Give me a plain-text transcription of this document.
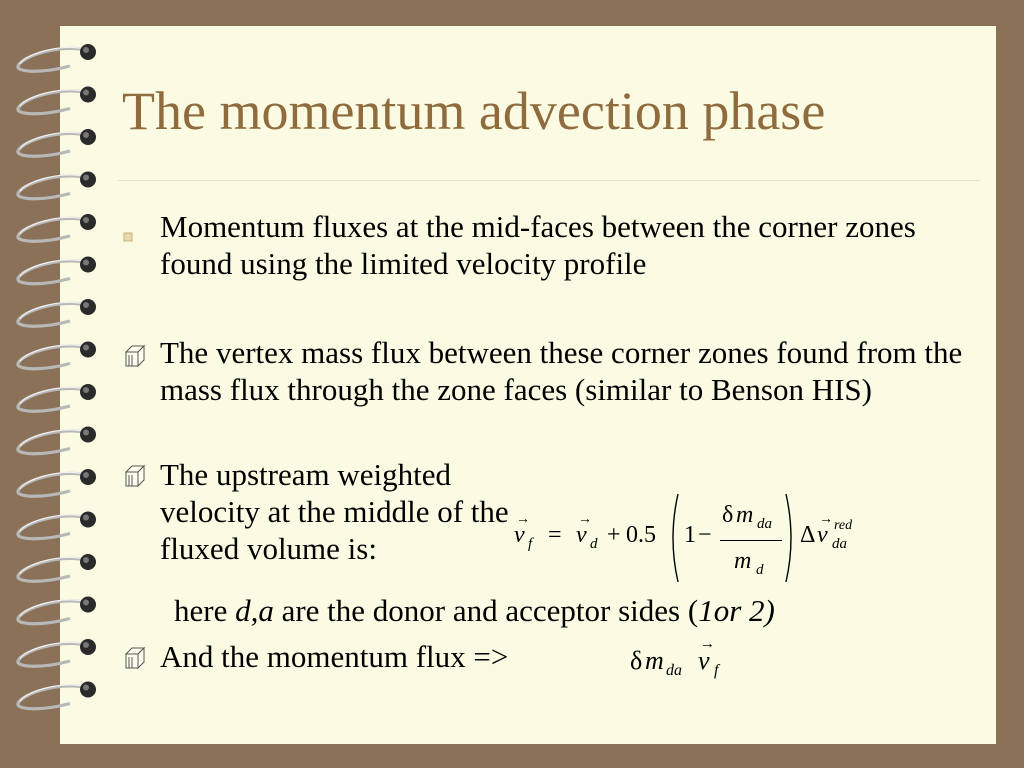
The momentum advection phase
Momentum fluxes at the mid-faces between the corner zones found using the limited velocity profile
The vertex mass flux between these corner zones found from the mass flux through the zone faces (similar to Benson HIS)
The upstream weighted velocity at the middle of the fluxed volume is:	v
→
f = v
→
d + 0.5 1 −
δ m da
m d
Δ v
→ red
da
here d,a are the donor and acceptor sides (1or 2)
And the momentum flux =>	δ m da v
→
f
